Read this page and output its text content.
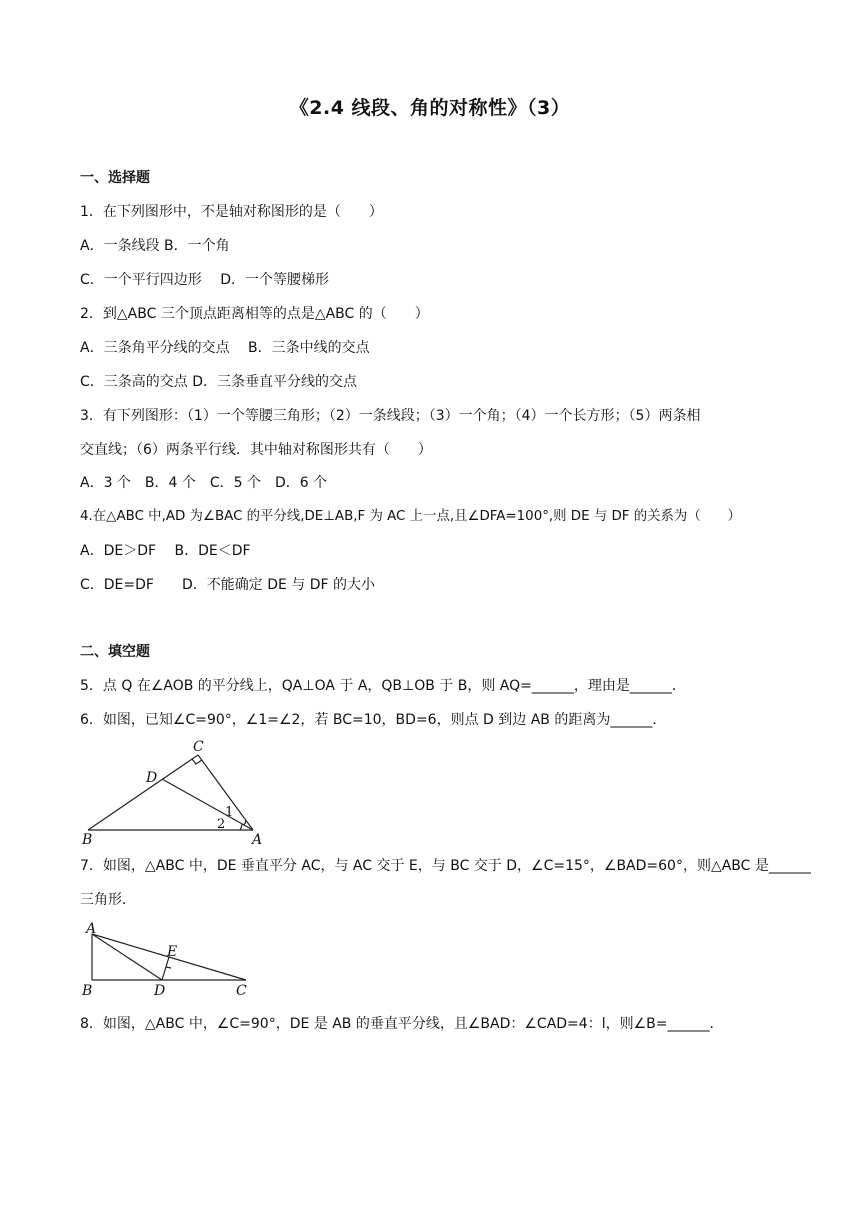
《2.4 线段、角的对称性》（3）
一、选择题
1．在下列图形中，不是轴对称图形的是（　　）
A．一条线段 B．一个角
C．一个平行四边形　 D．一个等腰梯形
2．到△ABC 三个顶点距离相等的点是△ABC 的（　　）
A．三条角平分线的交点　 B．三条中线的交点
C．三条高的交点 D．三条垂直平分线的交点
3．有下列图形：（1）一个等腰三角形；（2）一条线段；（3）一个角；（4）一个长方形；（5）两条相
交直线；（6）两条平行线．其中轴对称图形共有（　　）
A．3 个　B．4 个　C．5 个　D．6 个
4.在△ABC 中,AD 为∠BAC 的平分线,DE⊥AB,F 为 AC 上一点,且∠DFA=100°,则 DE 与 DF 的关系为（　　）
A．DE＞DF　 B．DE＜DF
C．DE=DF　　D．不能确定 DE 与 DF 的大小
二、填空题
5．点 Q 在∠AOB 的平分线上，QA⊥OA 于 A，QB⊥OB 于 B，则 AQ=______，理由是______．
6．如图，已知∠C=90°，∠1=∠2，若 BC=10，BD=6，则点 D 到边 AB 的距离为______．
C
D
B	A
1
2
7．如图，△ABC 中，DE 垂直平分 AC，与 AC 交于 E，与 BC 交于 D，∠C=15°，∠BAD=60°，则△ABC 是______
三角形．
A
B	D
E
C
8．如图，△ABC 中，∠C=90°，DE 是 AB 的垂直平分线，且∠BAD：∠CAD=4：l，则∠B=______．
